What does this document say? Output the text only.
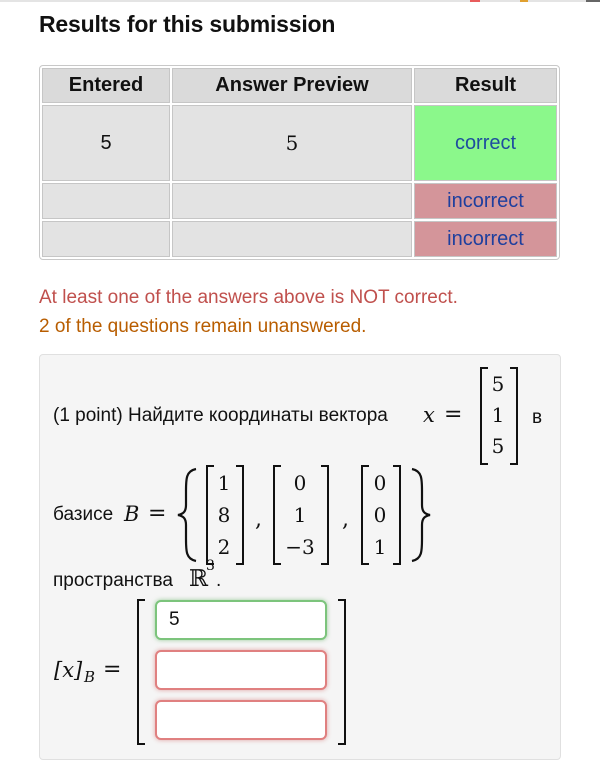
Results for this submission
Entered	Answer Preview	Result
5	5	correct
		incorrect
		incorrect

At least one of the answers above is NOT correct.

2 of the questions remain unanswered.

(1 point) Найдите координаты вектора x =
5
1
5
в
базисе B =
1
8
2
,
0
1
−3
,
0
0
1
пространства ℝ
3
.
[x] B =
5
